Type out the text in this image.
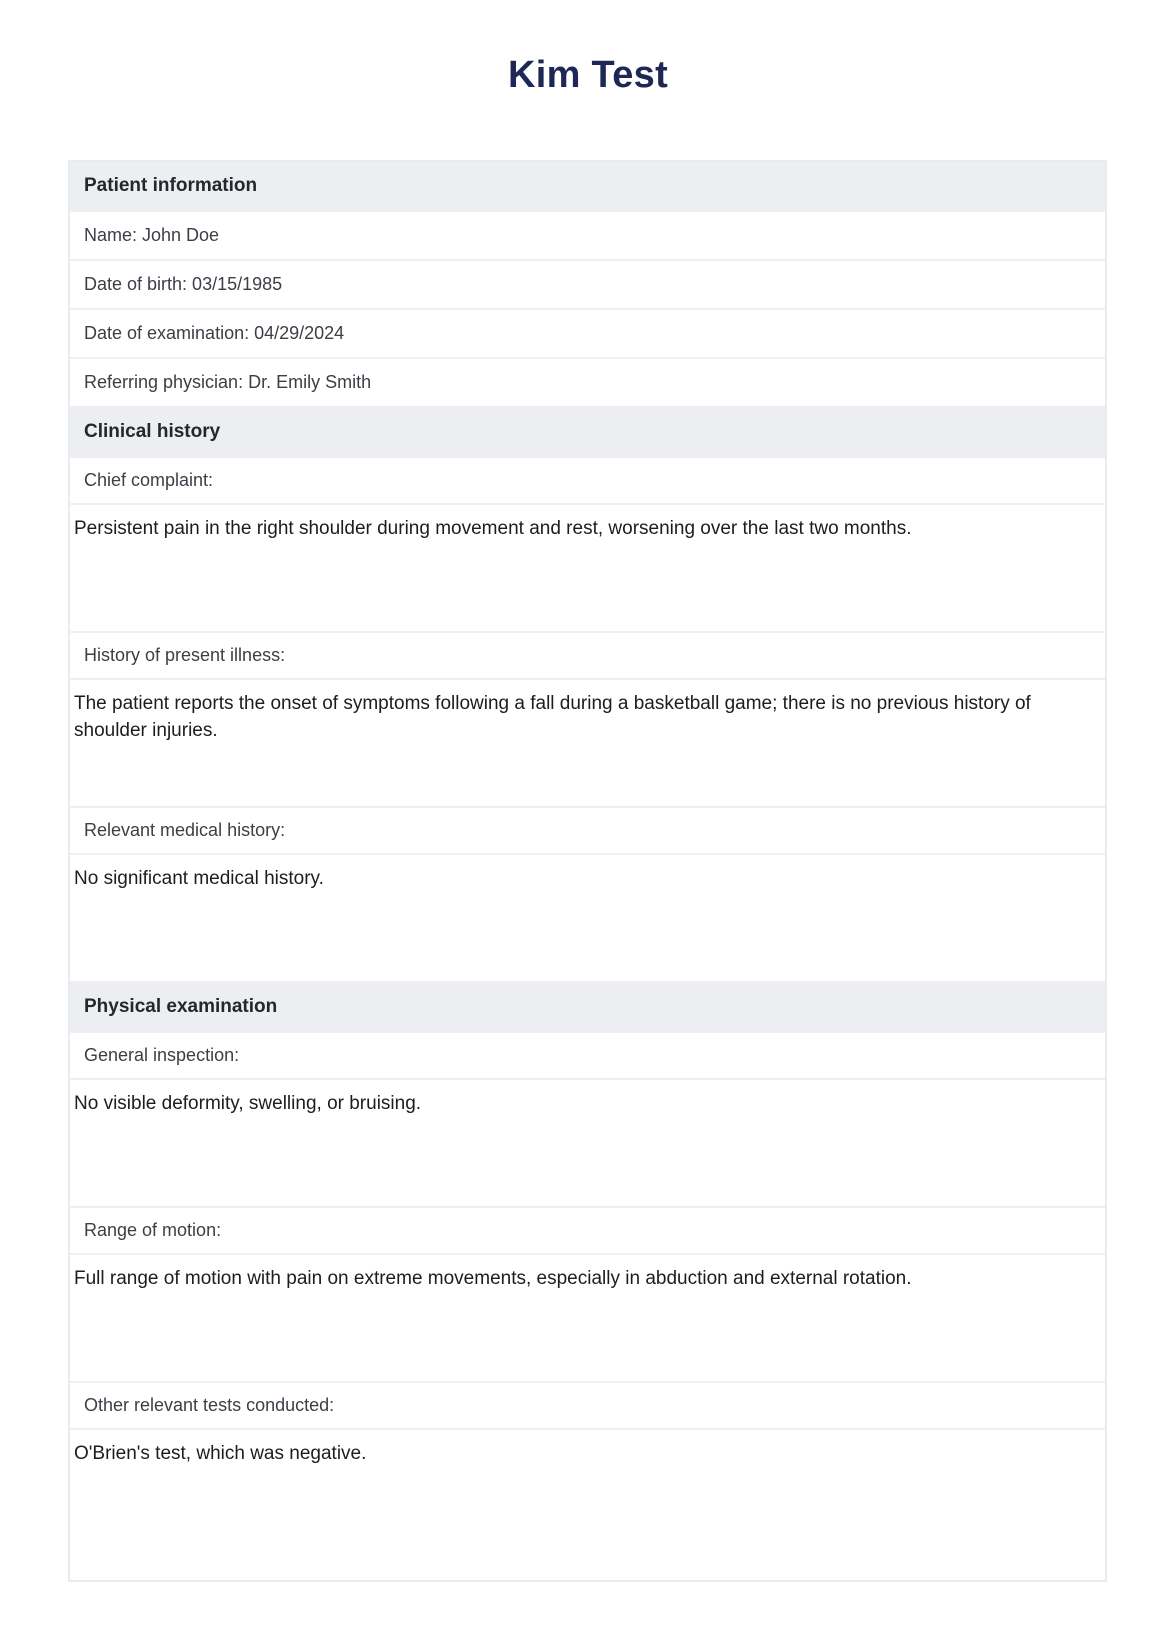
Kim Test
Patient information
Name: John Doe
Date of birth: 03/15/1985
Date of examination: 04/29/2024
Referring physician: Dr. Emily Smith
Clinical history
Chief complaint:
Persistent pain in the right shoulder during movement and rest, worsening over the last two months.
History of present illness:
The patient reports the onset of symptoms following a fall during a basketball game; there is no previous history of shoulder injuries.
Relevant medical history:
No significant medical history.
Physical examination
General inspection:
No visible deformity, swelling, or bruising.
Range of motion:
Full range of motion with pain on extreme movements, especially in abduction and external rotation.
Other relevant tests conducted:
O'Brien's test, which was negative.
